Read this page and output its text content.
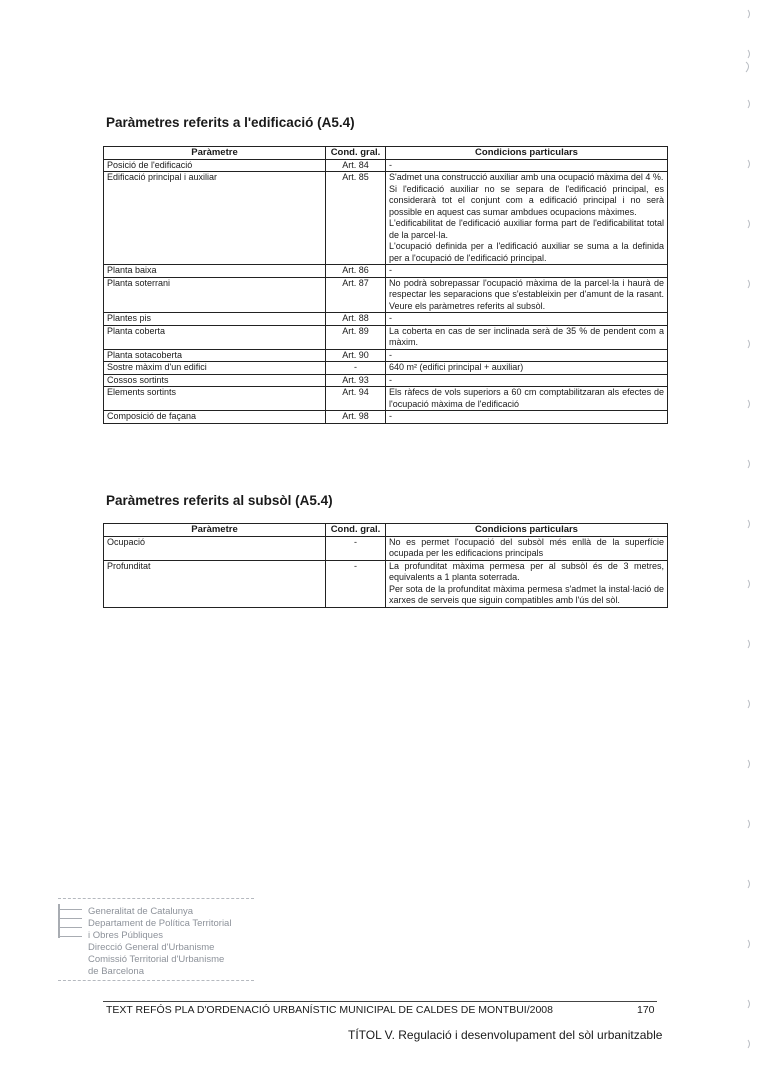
Paràmetres referits a l'edificació (A5.4)
Paràmetre	Cond. gral.	Condicions particulars
Posició de l'edificació	Art. 84	-
Edificació principal i auxiliar	Art. 85	S'admet una construcció auxiliar amb una ocupació màxima del 4 %.
Si l'edificació auxiliar no se separa de l'edificació principal, es considerarà tot el conjunt com a edificació principal i no serà possible en aquest cas sumar ambdues ocupacions màximes.
L'edificabilitat de l'edificació auxiliar forma part de l'edificabilitat total de la parcel·la.
L'ocupació definida per a l'edificació auxiliar se suma a la definida per a l'ocupació de l'edificació principal.
Planta baixa	Art. 86	-
Planta soterrani	Art. 87	No podrà sobrepassar l'ocupació màxima de la parcel·la i haurà de respectar les separacions que s'estableixin per d'amunt de la rasant. Veure els paràmetres referits al subsòl.
Plantes pis	Art. 88	-
Planta coberta	Art. 89	La coberta en cas de ser inclinada serà de 35 % de pendent com a màxim.
Planta sotacoberta	Art. 90	-
Sostre màxim d'un edifici	-	640 m² (edifici principal + auxiliar)
Cossos sortints	Art. 93	-
Elements sortints	Art. 94	Els ràfecs de vols superiors a 60 cm comptabilitzaran als efectes de l'ocupació màxima de l'edificació
Composició de façana	Art. 98	-
Paràmetres referits al subsòl (A5.4)
Paràmetre	Cond. gral.	Condicions particulars
Ocupació	-	No es permet l'ocupació del subsòl més enllà de la superfície ocupada per les edificacions principals
Profunditat	-	La profunditat màxima permesa per al subsòl és de 3 metres, equivalents a 1 planta soterrada.
Per sota de la profunditat màxima permesa s'admet la instal·lació de xarxes de serveis que siguin compatibles amb l'ús del sòl.
Generalitat de Catalunya
Departament de Política Territorial
i Obres Públiques
Direcció General d'Urbanisme
Comissió Territorial d'Urbanisme
de Barcelona
TEXT REFÓS PLA D'ORDENACIÓ URBANÍSTIC MUNICIPAL DE CALDES DE MONTBUI/2008	170
TÍTOL V. Regulació i desenvolupament del sòl urbanitzable
